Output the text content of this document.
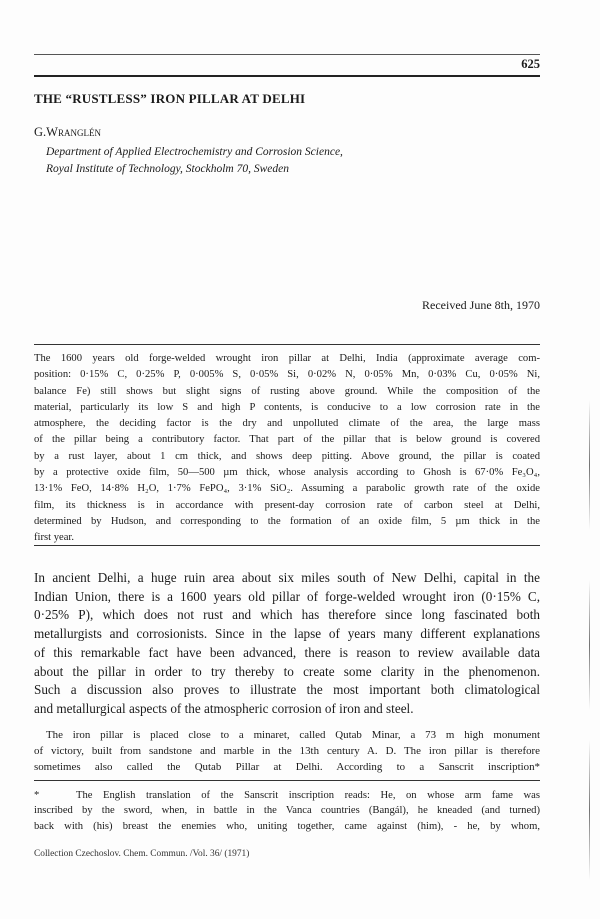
625
THE “RUSTLESS” IRON PILLAR AT DELHI
G.Wranglén
Department of Applied Electrochemistry and Corrosion Science,
Royal Institute of Technology, Stockholm 70, Sweden
Received June 8th, 1970
The 1600 years old forge-welded wrought iron pillar at Delhi, India (approximate average com-
position: 0·15% C, 0·25% P, 0·005% S, 0·05% Si, 0·02% N, 0·05% Mn, 0·03% Cu, 0·05% Ni,
balance Fe) still shows but slight signs of rusting above ground. While the composition of the
material, particularly its low S and high P contents, is conducive to a low corrosion rate in the
atmosphere, the deciding factor is the dry and unpolluted climate of the area, the large mass
of the pillar being a contributory factor. That part of the pillar that is below ground is covered
by a rust layer, about 1 cm thick, and shows deep pitting. Above ground, the pillar is coated
by a protective oxide film, 50—500 µm thick, whose analysis according to Ghosh is 67·0% Fe₃O₄,
13·1% FeO, 14·8% H₂O, 1·7% FePO₄, 3·1% SiO₂. Assuming a parabolic growth rate of the oxide
film, its thickness is in accordance with present-day corrosion rate of carbon steel at Delhi,
determined by Hudson, and corresponding to the formation of an oxide film, 5 µm thick in the
first year.
In ancient Delhi, a huge ruin area about six miles south of New Delhi, capital in the
Indian Union, there is a 1600 years old pillar of forge-welded wrought iron (0·15% C,
0·25% P), which does not rust and which has therefore since long fascinated both
metallurgists and corrosionists. Since in the lapse of years many different explanations
of this remarkable fact have been advanced, there is reason to review available data
about the pillar in order to try thereby to create some clarity in the phenomenon.
Such a discussion also proves to illustrate the most important both climatological
and metallurgical aspects of the atmospheric corrosion of iron and steel.
The iron pillar is placed close to a minaret, called Qutab Minar, a 73 m high monument
of victory, built from sandstone and marble in the 13th century A. D. The iron pillar is therefore
sometimes also called the Qutab Pillar at Delhi. According to a Sanscrit inscription*
*	The English translation of the Sanscrit inscription reads: He, on whose arm fame was
inscribed by the sword, when, in battle in the Vanca countries (Bangál), he kneaded (and turned)
back with (his) breast the enemies who, uniting together, came against (him), - he, by whom,
Collection Czechoslov. Chem. Commun. /Vol. 36/ (1971)
